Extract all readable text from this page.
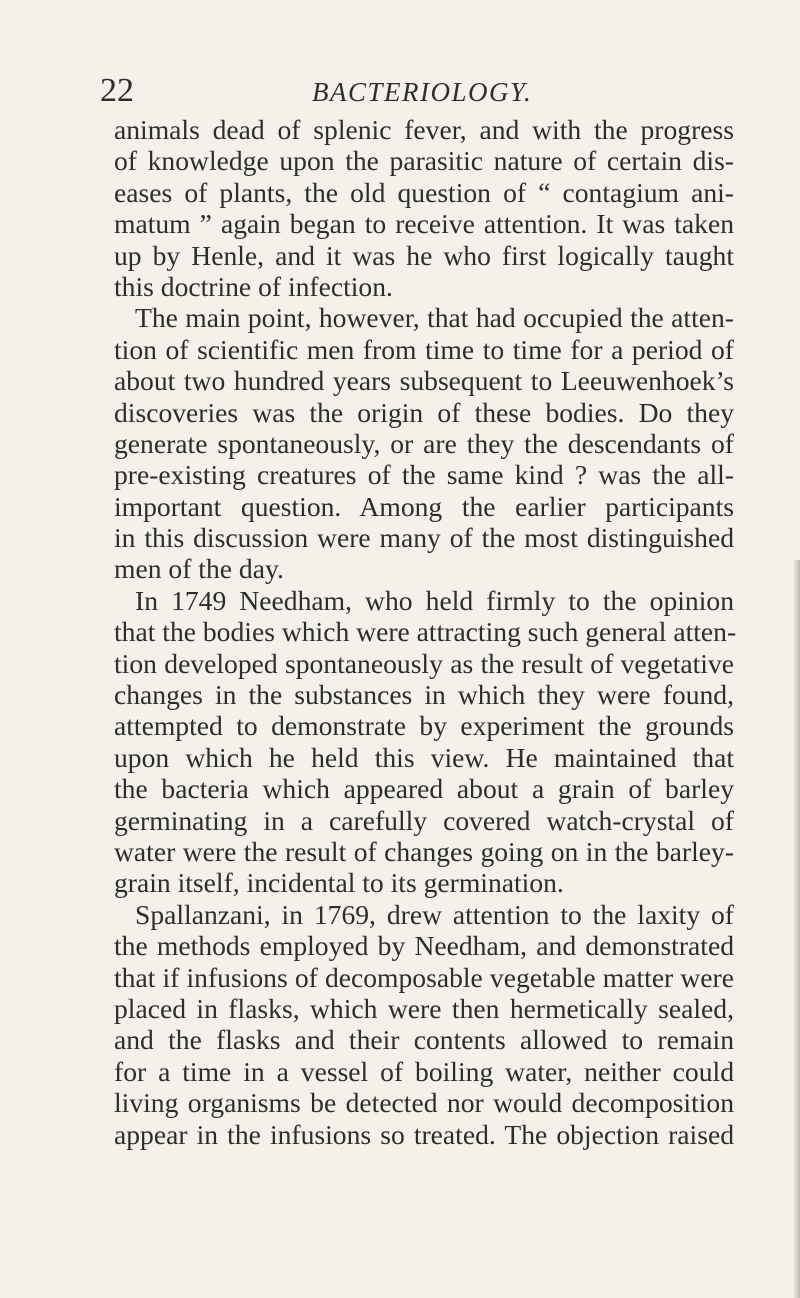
22	BACTERIOLOGY.
animals dead of splenic fever, and with the progress
of knowledge upon the parasitic nature of certain dis-
eases of plants, the old question of “ contagium ani-
matum ” again began to receive attention. It was taken
up by Henle, and it was he who first logically taught
this doctrine of infection.
The main point, however, that had occupied the atten-
tion of scientific men from time to time for a period of
about two hundred years subsequent to Leeuwenhoek’s
discoveries was the origin of these bodies. Do they
generate spontaneously, or are they the descendants of
pre-existing creatures of the same kind ? was the all-
important question. Among the earlier participants
in this discussion were many of the most distinguished
men of the day.
In 1749 Needham, who held firmly to the opinion
that the bodies which were attracting such general atten-
tion developed spontaneously as the result of vegetative
changes in the substances in which they were found,
attempted to demonstrate by experiment the grounds
upon which he held this view. He maintained that
the bacteria which appeared about a grain of barley
germinating in a carefully covered watch-crystal of
water were the result of changes going on in the barley-
grain itself, incidental to its germination.
Spallanzani, in 1769, drew attention to the laxity of
the methods employed by Needham, and demonstrated
that if infusions of decomposable vegetable matter were
placed in flasks, which were then hermetically sealed,
and the flasks and their contents allowed to remain
for a time in a vessel of boiling water, neither could
living organisms be detected nor would decomposition
appear in the infusions so treated. The objection raised
